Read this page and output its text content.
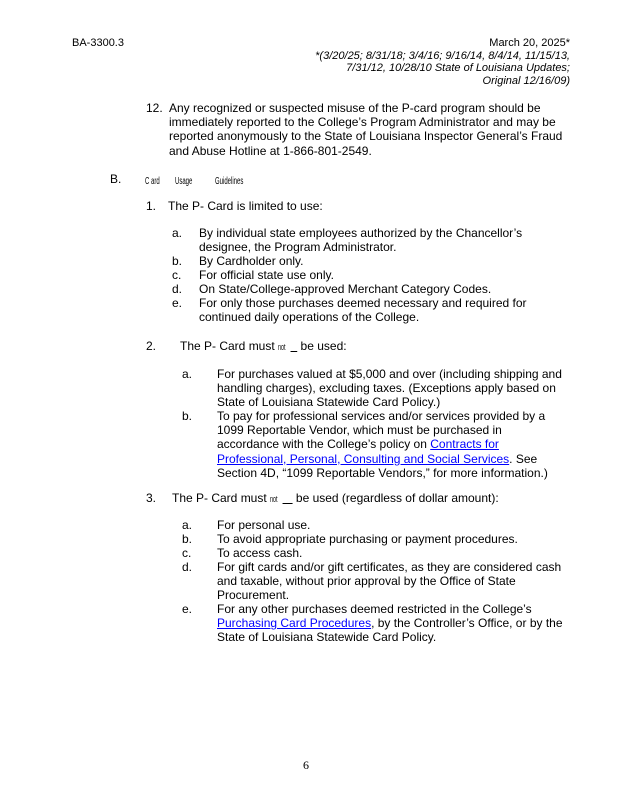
BA-3300.3	March 20, 2025*
*(3/20/25; 8/31/18; 3/4/16; 9/16/14, 8/4/14, 11/15/13,
7/31/12, 10/28/10 State of Louisiana Updates;
Original 12/16/09)
12. Any recognized or suspected misuse of the P-card program should be
immediately reported to the College’s Program Administrator and may be
reported anonymously to the State of Louisiana Inspector General’s Fraud
and Abuse Hotline at 1-866-801-2549.
B. C ard	Usage	Guidelines
1. The P- Card is limited to use:
a. By individual state employees authorized by the Chancellor’s
designee, the Program Administrator.
b. By Cardholder only.
c. For official state use only.
d. On State/College-approved Merchant Category Codes.
e. For only those purchases deemed necessary and required for
continued daily operations of the College.
2. The P- Card must not   be used:
a. For purchases valued at $5,000 and over (including shipping and
handling charges), excluding taxes. (Exceptions apply based on
State of Louisiana Statewide Card Policy.)
b. To pay for professional services and/or services provided by a
1099 Reportable Vendor, which must be purchased in
accordance with the College’s policy on Contracts for
Professional, Personal, Consulting and Social Services. See
Section 4D, “1099 Reportable Vendors,” for more information.)
3. The P- Card must not    be used (regardless of dollar amount):
a. For personal use.
b. To avoid appropriate purchasing or payment procedures.
c. To access cash.
d. For gift cards and/or gift certificates, as they are considered cash
and taxable, without prior approval by the Office of State
Procurement.
e. For any other purchases deemed restricted in the College’s
Purchasing Card Procedures, by the Controller’s Office, or by the
State of Louisiana Statewide Card Policy.
6
